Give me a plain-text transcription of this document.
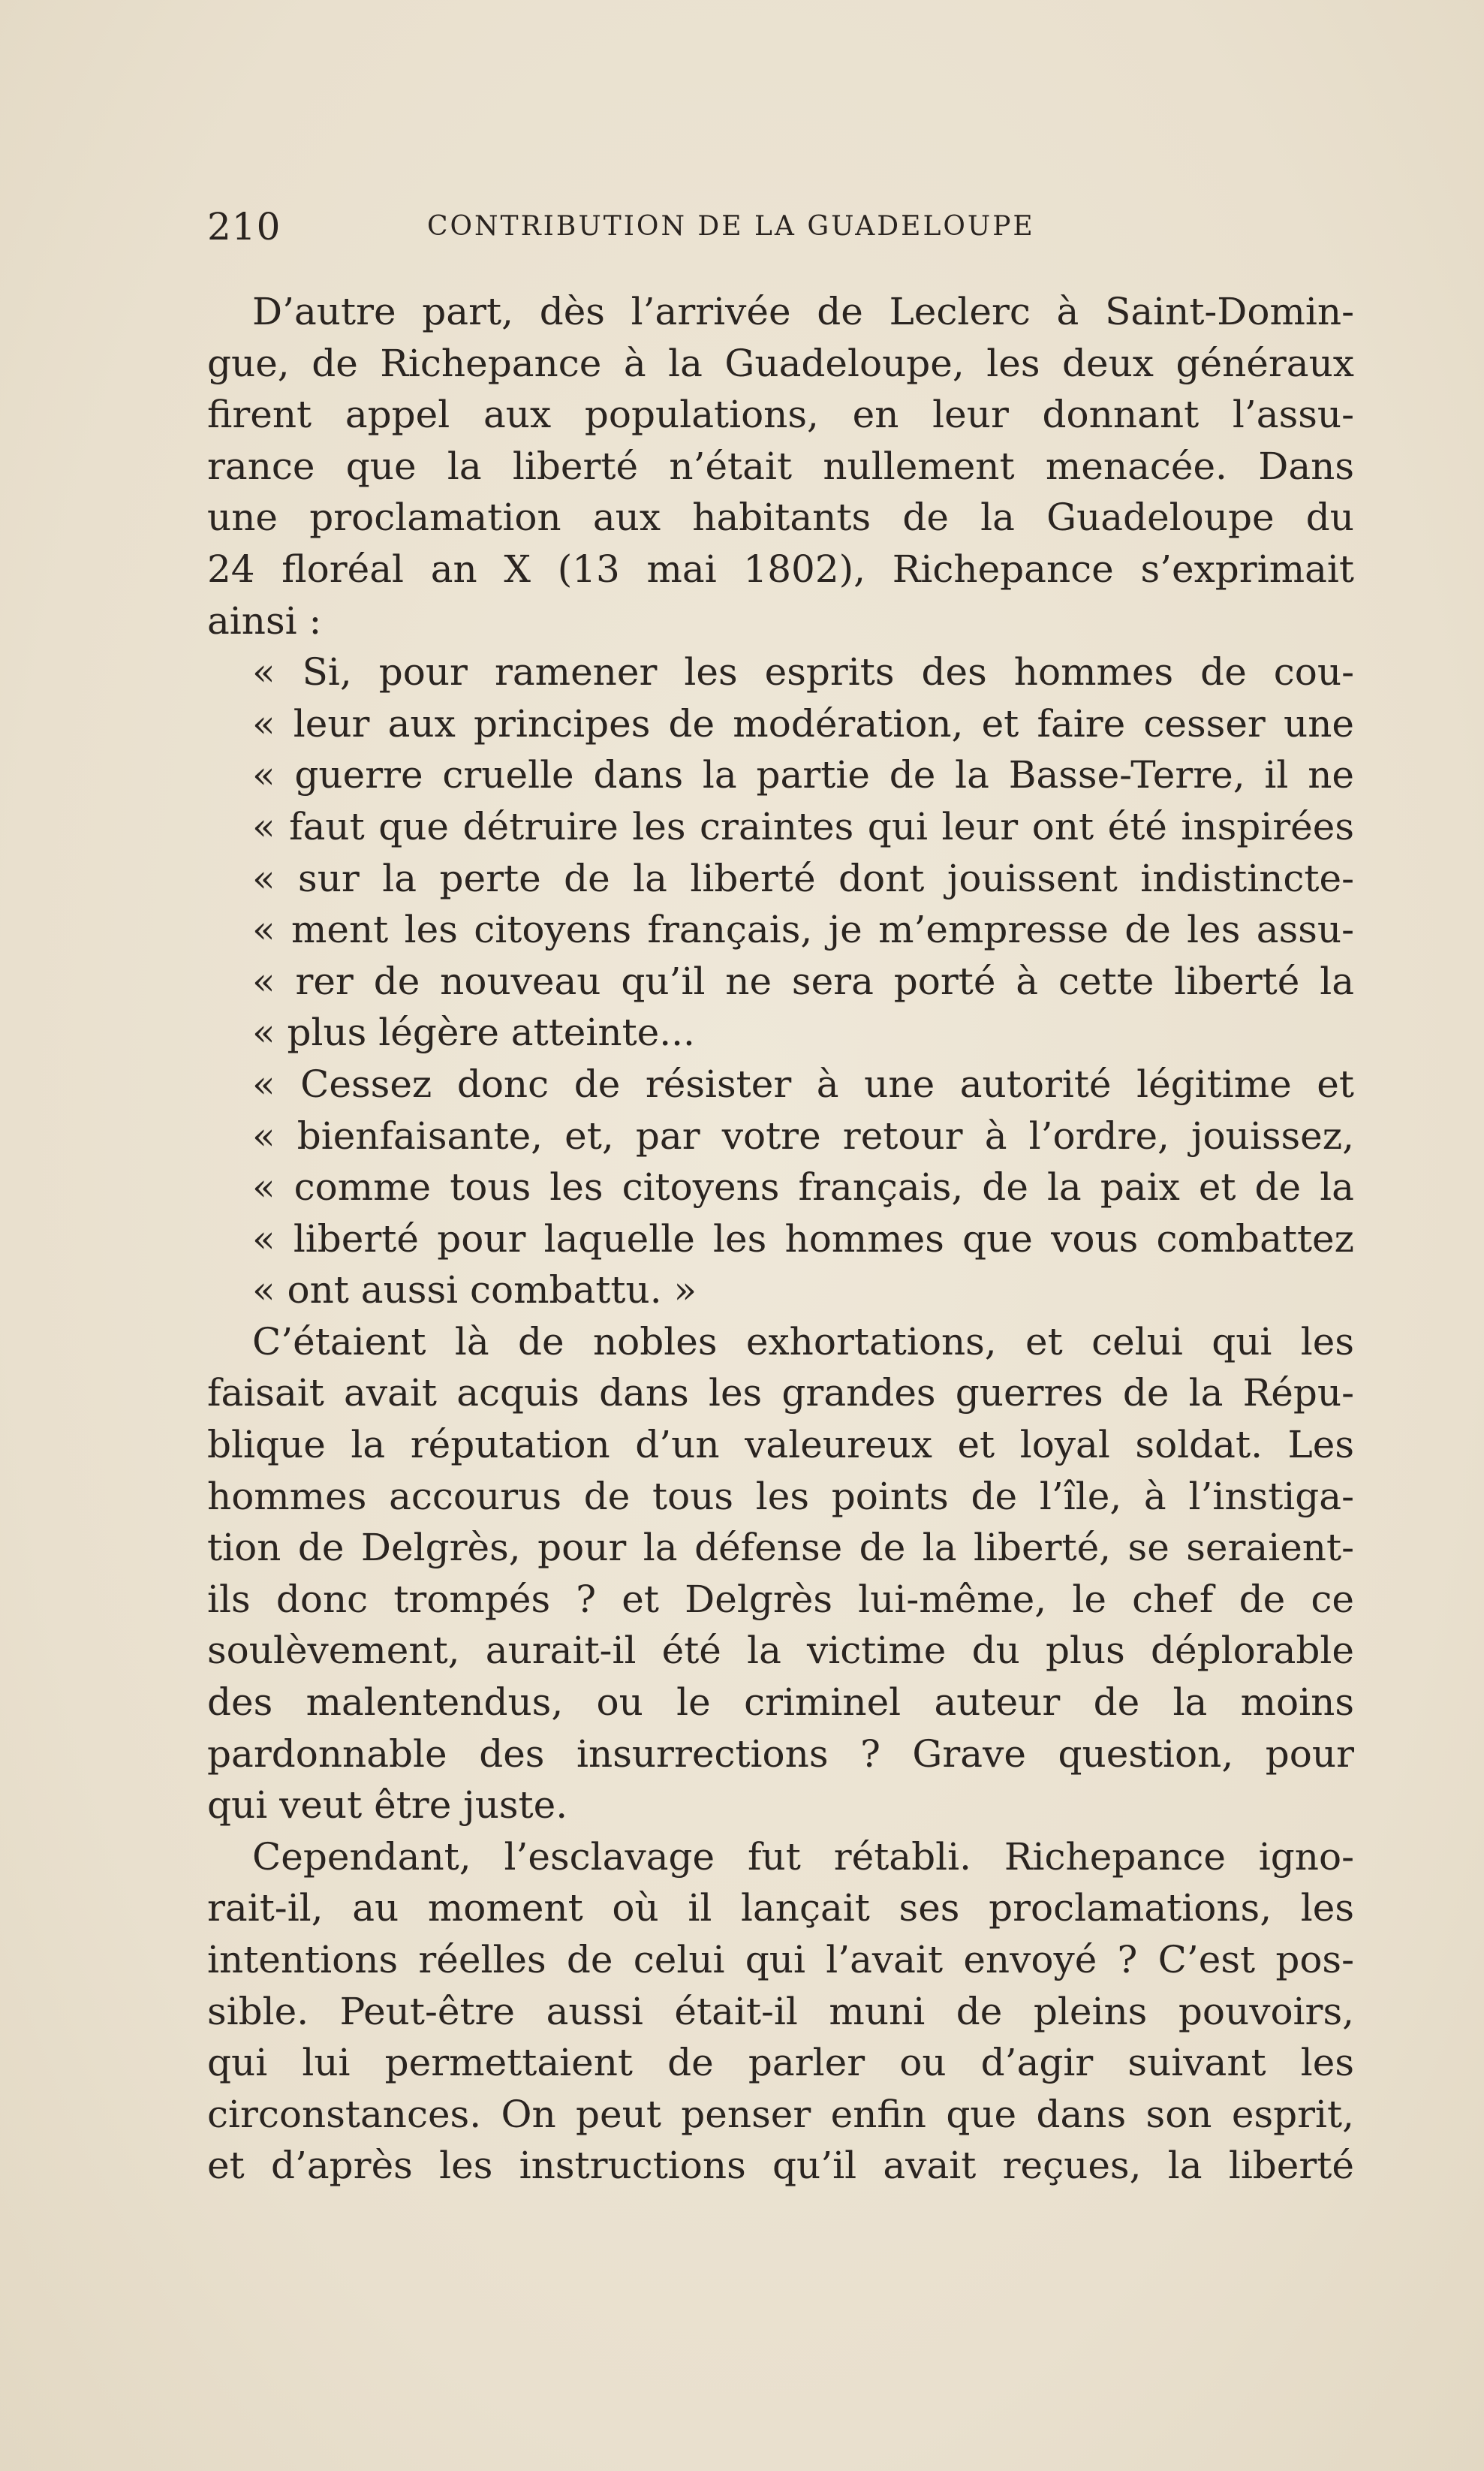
210	CONTRIBUTION DE LA GUADELOUPE
D’autre part, dès l’arrivée de Leclerc à Saint-Domin-
gue, de Richepance à la Guadeloupe, les deux généraux
firent appel aux populations, en leur donnant l’assu-
rance que la liberté n’était nullement menacée. Dans
une proclamation aux habitants de la Guadeloupe du
24 floréal an X (13 mai 1802), Richepance s’exprimait
ainsi :
« Si, pour ramener les esprits des hommes de cou-
« leur aux principes de modération, et faire cesser une
« guerre cruelle dans la partie de la Basse-Terre, il ne
« faut que détruire les craintes qui leur ont été inspirées
« sur la perte de la liberté dont jouissent indistincte-
« ment les citoyens français, je m’empresse de les assu-
« rer de nouveau qu’il ne sera porté à cette liberté la
« plus légère atteinte...
« Cessez donc de résister à une autorité légitime et
« bienfaisante, et, par votre retour à l’ordre, jouissez,
« comme tous les citoyens français, de la paix et de la
« liberté pour laquelle les hommes que vous combattez
« ont aussi combattu. »
C’étaient là de nobles exhortations, et celui qui les
faisait avait acquis dans les grandes guerres de la Répu-
blique la réputation d’un valeureux et loyal soldat. Les
hommes accourus de tous les points de l’île, à l’instiga-
tion de Delgrès, pour la défense de la liberté, se seraient-
ils donc trompés ? et Delgrès lui-même, le chef de ce
soulèvement, aurait-il été la victime du plus déplorable
des malentendus, ou le criminel auteur de la moins
pardonnable des insurrections ? Grave question, pour
qui veut être juste.
Cependant, l’esclavage fut rétabli. Richepance igno-
rait-il, au moment où il lançait ses proclamations, les
intentions réelles de celui qui l’avait envoyé ? C’est pos-
sible. Peut-être aussi était-il muni de pleins pouvoirs,
qui lui permettaient de parler ou d’agir suivant les
circonstances. On peut penser enfin que dans son esprit,
et d’après les instructions qu’il avait reçues, la liberté
